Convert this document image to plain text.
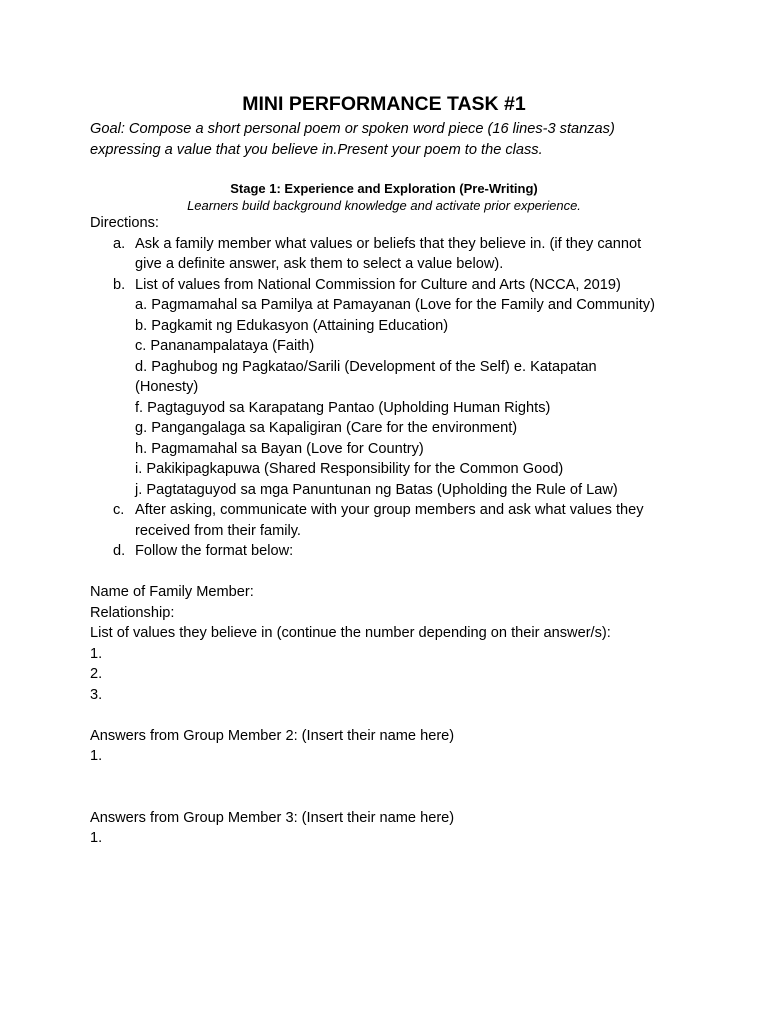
MINI PERFORMANCE TASK #1
Goal: Compose a short personal poem or spoken word piece (16 lines-3 stanzas)
expressing a value that you believe in.Present your poem to the class.
Stage 1: Experience and Exploration (Pre-Writing)
Learners build background knowledge and activate prior experience.
Directions:
a. Ask a family member what values or beliefs that they believe in. (if they cannot
give a definite answer, ask them to select a value below).
b. List of values from National Commission for Culture and Arts (NCCA, 2019)
a. Pagmamahal sa Pamilya at Pamayanan (Love for the Family and Community)
b. Pagkamit ng Edukasyon (Attaining Education)
c. Pananampalataya (Faith)
d. Paghubog ng Pagkatao/Sarili (Development of the Self) e. Katapatan
(Honesty)
f. Pagtaguyod sa Karapatang Pantao (Upholding Human Rights)
g. Pangangalaga sa Kapaligiran (Care for the environment)
h. Pagmamahal sa Bayan (Love for Country)
i. Pakikipagkapuwa (Shared Responsibility for the Common Good)
j. Pagtataguyod sa mga Panuntunan ng Batas (Upholding the Rule of Law)
c. After asking, communicate with your group members and ask what values they
received from their family.
d. Follow the format below:
Name of Family Member:
Relationship:
List of values they believe in (continue the number depending on their answer/s):
1.
2.
3.
Answers from Group Member 2: (Insert their name here)
1.
Answers from Group Member 3: (Insert their name here)
1.
